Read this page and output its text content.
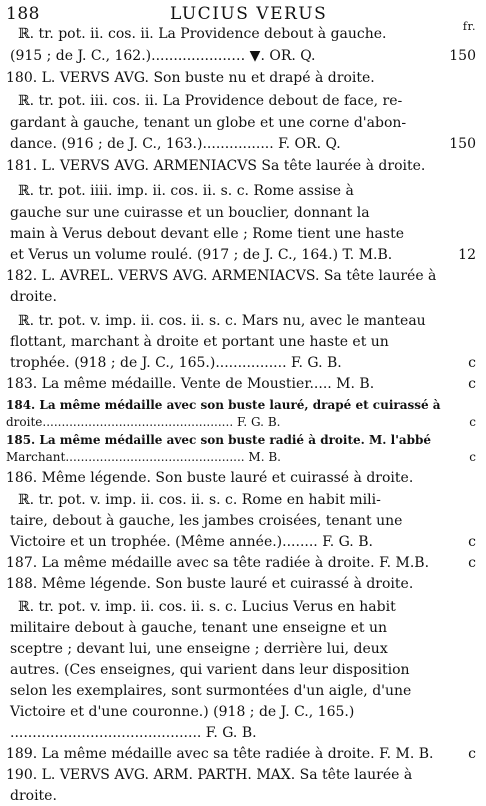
188	LUCIUS VERUS
fr.
ℝ. tr. pot. ii. cos. ii. La Providence debout à gauche.
(915 ; de J. C., 162.)..................… ▼. OR. Q.	150
180. L. VERVS AVG. Son buste nu et drapé à droite.
ℝ. tr. pot. iii. cos. ii. La Providence debout de face, re-
gardant à gauche, tenant un globe et une corne d'abon-
dance. (916 ; de J. C., 163.)................ F. OR. Q.	150
181. L. VERVS AVG. ARMENIACVS Sa tête laurée à droite.
ℝ. tr. pot. iiii. imp. ii. cos. ii. s. c. Rome assise à
gauche sur une cuirasse et un bouclier, donnant la
main à Verus debout devant elle ; Rome tient une haste
et Verus un volume roulé. (917 ; de J. C., 164.) T. M.B.	12
182. L. AVREL. VERVS AVG. ARMENIACVS. Sa tête laurée à
droite.
ℝ. tr. pot. v. imp. ii. cos. ii. s. c. Mars nu, avec le manteau
flottant, marchant à droite et portant une haste et un
trophée. (918 ; de J. C., 165.)................ F. G. B.	c
183. La même médaille. Vente de Moustier..... M. B.	c
184. La même médaille avec son buste lauré, drapé et cuirassé à
droite.................................................. F. G. B.	c
185. La même médaille avec son buste radié à droite. M. l'abbé
Marchant............................................... M. B.	c
186. Même légende. Son buste lauré et cuirassé à droite.
ℝ. tr. pot. v. imp. ii. cos. ii. s. c. Rome en habit mili-
taire, debout à gauche, les jambes croisées, tenant une
Victoire et un trophée. (Même année.)........ F. G. B.	c
187. La même médaille avec sa tête radiée à droite. F. M.B.	c
188. Même légende. Son buste lauré et cuirassé à droite.
ℝ. tr. pot. v. imp. ii. cos. ii. s. c. Lucius Verus en habit
militaire debout à gauche, tenant une enseigne et un
sceptre ; devant lui, une enseigne ; derrière lui, deux
autres. (Ces enseignes, qui varient dans leur disposition
selon les exemplaires, sont surmontées d'un aigle, d'une
Victoire et d'une couronne.) (918 ; de J. C., 165.)
........................................... F. G. B.
189. La même médaille avec sa tête radiée à droite. F. M. B. c
190. L. VERVS AVG. ARM. PARTH. MAX. Sa tête laurée à
droite.
